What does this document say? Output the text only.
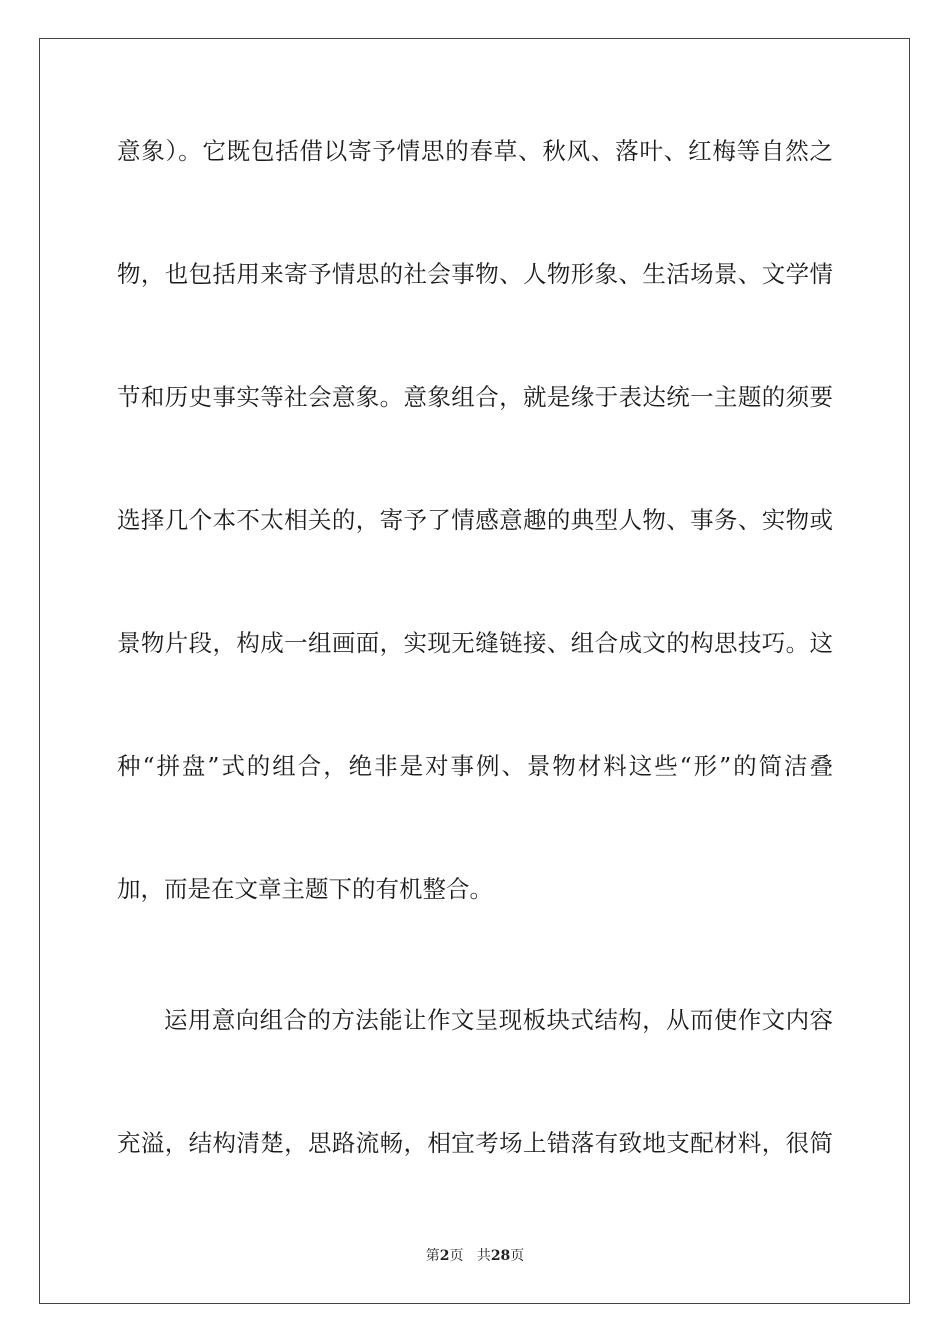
意象）。它既包括借以寄予情思的春草、秋风、落叶、红梅等自然之
物，也包括用来寄予情思的社会事物、人物形象、生活场景、文学情
节和历史事实等社会意象。意象组合，就是缘于表达统一主题的须要
选择几个本不太相关的，寄予了情感意趣的典型人物、事务、实物或
景物片段，构成一组画面，实现无缝链接、组合成文的构思技巧。这
种“拼盘”式的组合，绝非是对事例、景物材料这些“形”的简洁叠
加，而是在文章主题下的有机整合。
运用意向组合的方法能让作文呈现板块式结构，从而使作文内容
充溢，结构清楚，思路流畅，相宜考场上错落有致地支配材料，很简
第2页 共28页
